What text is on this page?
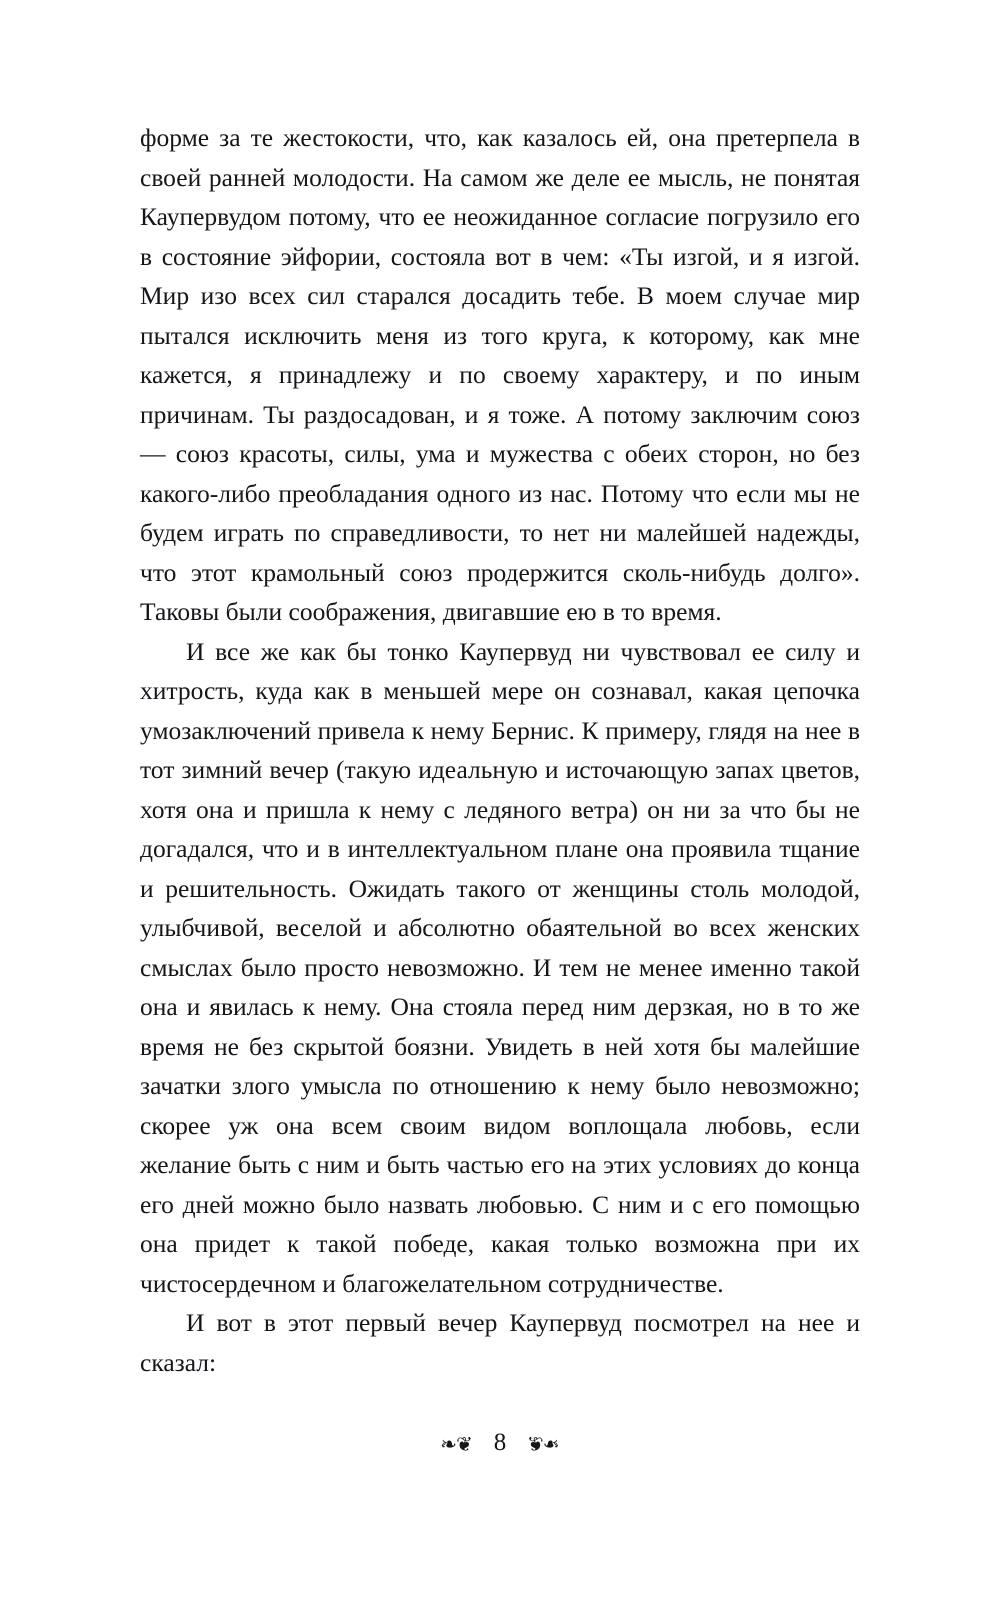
форме за те жестокости, что, как казалось ей, она претерпела в своей ранней молодости. На самом же деле ее мысль, не понятая Каупервудом потому, что ее неожиданное согласие погрузило его в состояние эйфории, состояла вот в чем: «Ты изгой, и я изгой. Мир изо всех сил старался досадить тебе. В моем случае мир пытался исключить меня из того круга, к которому, как мне кажется, я принадлежу и по своему характеру, и по иным причинам. Ты раздосадован, и я тоже. А потому заключим союз — союз красоты, силы, ума и мужества с обеих сторон, но без какого-либо преобладания одного из нас. Потому что если мы не будем играть по справедливости, то нет ни малейшей надежды, что этот крамольный союз продержится сколь-нибудь долго». Таковы были соображения, двигавшие ею в то время.

И все же как бы тонко Каупервуд ни чувствовал ее силу и хитрость, куда как в меньшей мере он сознавал, какая цепочка умозаключений привела к нему Бернис. К примеру, глядя на нее в тот зимний вечер (такую идеальную и источающую запах цветов, хотя она и пришла к нему с ледяного ветра) он ни за что бы не догадался, что и в интеллектуальном плане она проявила тщание и решительность. Ожидать такого от женщины столь молодой, улыбчивой, веселой и абсолютно обаятельной во всех женских смыслах было просто невозможно. И тем не менее именно такой она и явилась к нему. Она стояла перед ним дерзкая, но в то же время не без скрытой боязни. Увидеть в ней хотя бы малейшие зачатки злого умысла по отношению к нему было невозможно; скорее уж она всем своим видом воплощала любовь, если желание быть с ним и быть частью его на этих условиях до конца его дней можно было назвать любовью. С ним и с его помощью она придет к такой победе, какая только возможна при их чистосердечном и благожелательном сотрудничестве.

И вот в этот первый вечер Каупервуд посмотрел на нее и сказал:

❧❦ 8 ❧❦
